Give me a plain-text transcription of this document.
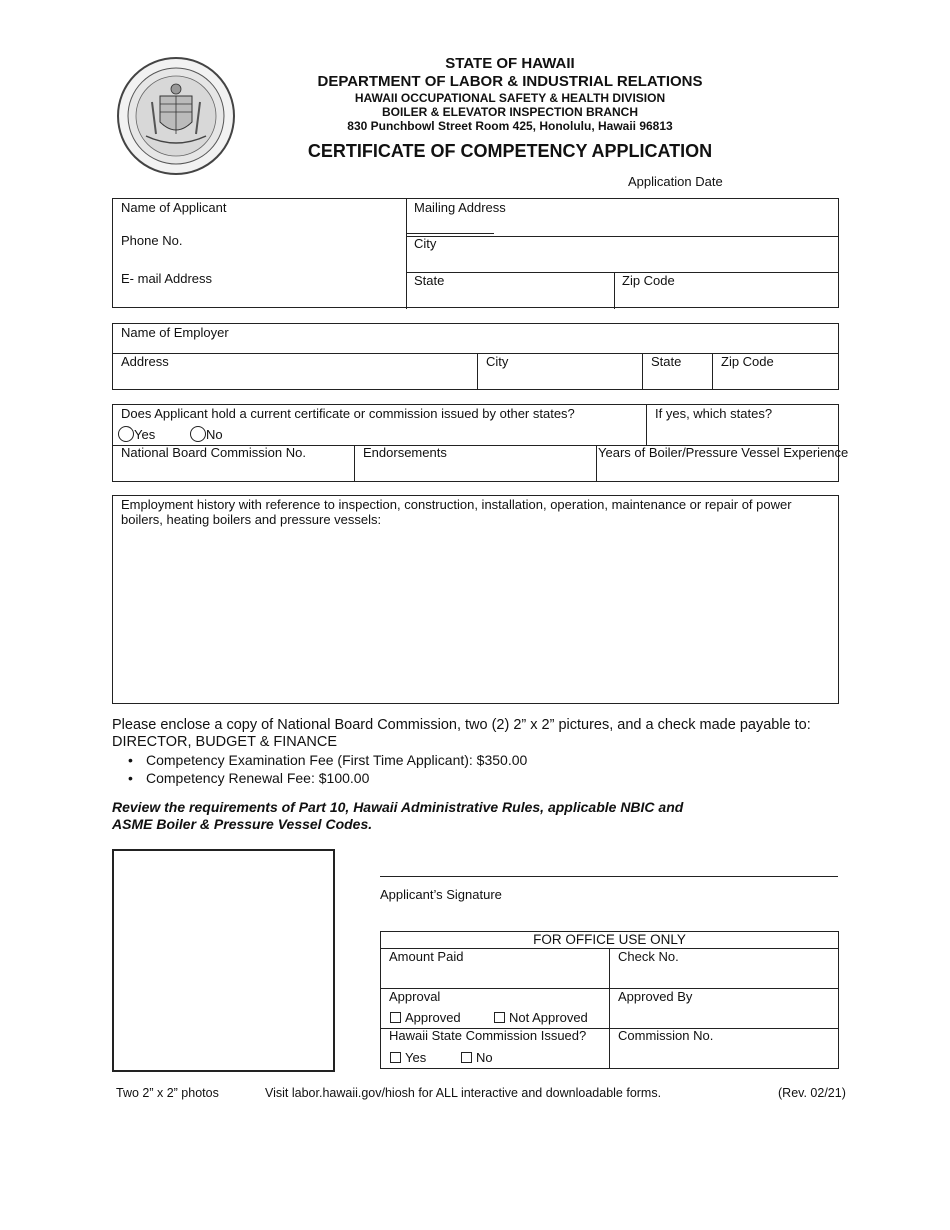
STATE OF HAWAII
DEPARTMENT OF LABOR & INDUSTRIAL RELATIONS
HAWAII OCCUPATIONAL SAFETY & HEALTH DIVISION
BOILER & ELEVATOR INSPECTION BRANCH
830 Punchbowl Street Room 425, Honolulu, Hawaii 96813
CERTIFICATE OF COMPETENCY APPLICATION
Application Date
Name of Applicant	Mailing Address
Phone No.	City
E- mail Address	State	Zip Code
Name of Employer
Address	City	State	Zip Code
Does Applicant hold a current certificate or commission issued by other states?
Yes	No
If yes, which states?
National Board Commission No.	Endorsements	Years of Boiler/Pressure Vessel Experience
Employment history with reference to inspection, construction, installation, operation, maintenance or repair of power boilers, heating boilers and pressure vessels:
Please enclose a copy of National Board Commission, two (2) 2” x 2” pictures, and a check made payable to:
DIRECTOR, BUDGET & FINANCE
• Competency Examination Fee (First Time Applicant): $350.00
• Competency Renewal Fee: $100.00
Review the requirements of Part 10, Hawaii Administrative Rules, applicable NBIC and
ASME Boiler & Pressure Vessel Codes.
Applicant’s Signature
FOR OFFICE USE ONLY
Amount Paid	Check No.
Approval
Approved	Not Approved
Approved By
Hawaii State Commission Issued?
Yes	No
Commission No.
Two 2” x 2” photos	Visit labor.hawaii.gov/hiosh for ALL interactive and downloadable forms.	(Rev. 02/21)
